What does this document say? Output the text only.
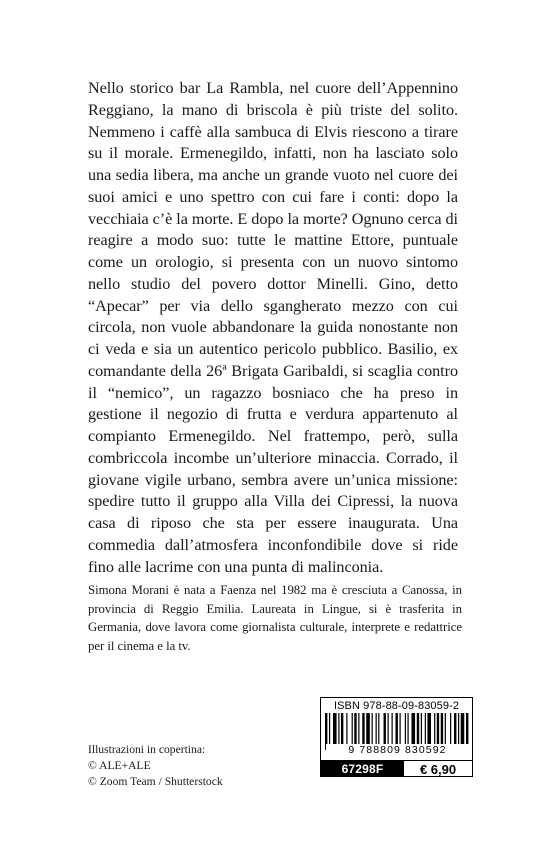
Nello storico bar La Rambla, nel cuore dell’Appennino Reggiano, la mano di briscola è più triste del solito. Nemmeno i caffè alla sambuca di Elvis riescono a tirare su il morale. Ermenegildo, infatti, non ha lasciato solo una sedia libera, ma anche un grande vuoto nel cuore dei suoi amici e uno spettro con cui fare i conti: dopo la vecchiaia c’è la morte. E dopo la morte? Ognuno cerca di reagire a modo suo: tutte le mattine Ettore, puntuale come un orologio, si presenta con un nuovo sintomo nello studio del povero dottor Minelli. Gino, detto “Apecar” per via dello sgangherato mezzo con cui circola, non vuole abbandonare la guida nonostante non ci veda e sia un autentico pericolo pubblico. Basilio, ex comandante della 26ª Brigata Garibaldi, si scaglia contro il “nemico”, un ragazzo bosniaco che ha preso in gestione il negozio di frutta e verdura appartenuto al compianto Ermenegildo. Nel frattempo, però, sulla combriccola incombe un’ulteriore minaccia. Corrado, il giovane vigile urbano, sembra avere un’unica missione: spedire tutto il gruppo alla Villa dei Cipressi, la nuova casa di riposo che sta per essere inaugurata. Una commedia dall’atmosfera inconfondibile dove si ride fino alle lacrime con una punta di malinconia.

Simona Morani è nata a Faenza nel 1982 ma è cresciuta a Canossa, in provincia di Reggio Emilia. Laureata in Lingue, si è trasferita in Germania, dove lavora come giornalista culturale, interprete e redattrice per il cinema e la tv.
Illustrazioni in copertina:
© ALE+ALE
© Zoom Team / Shutterstock
ISBN 978-88-09-83059-2
9 788809 830592
67298F	€ 6,90
